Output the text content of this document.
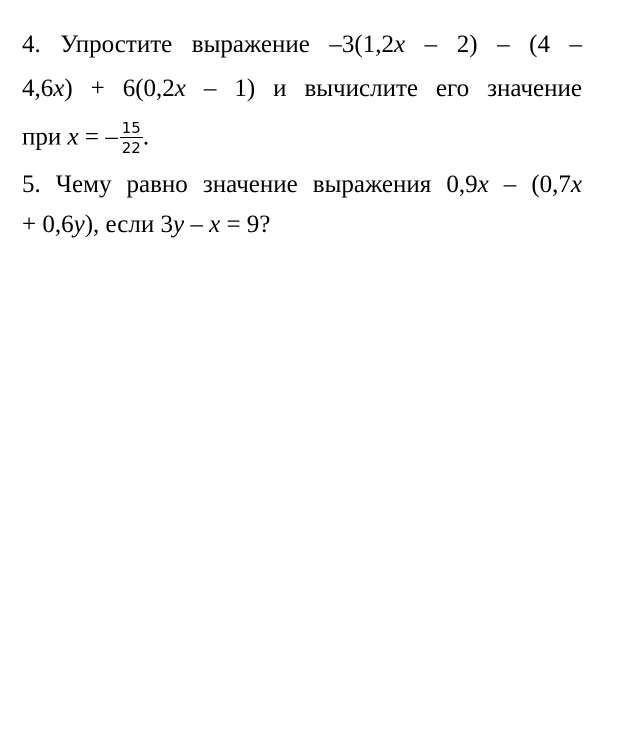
4. Упростите выражение –3(1,2x – 2) – (4 –
4,6x) + 6(0,2x – 1) и вычислите его значение
при x = – $\frac{15}{22}$ .
5. Чему равно значение выражения 0,9x – (0,7x
+ 0,6y), если 3y – x = 9?
